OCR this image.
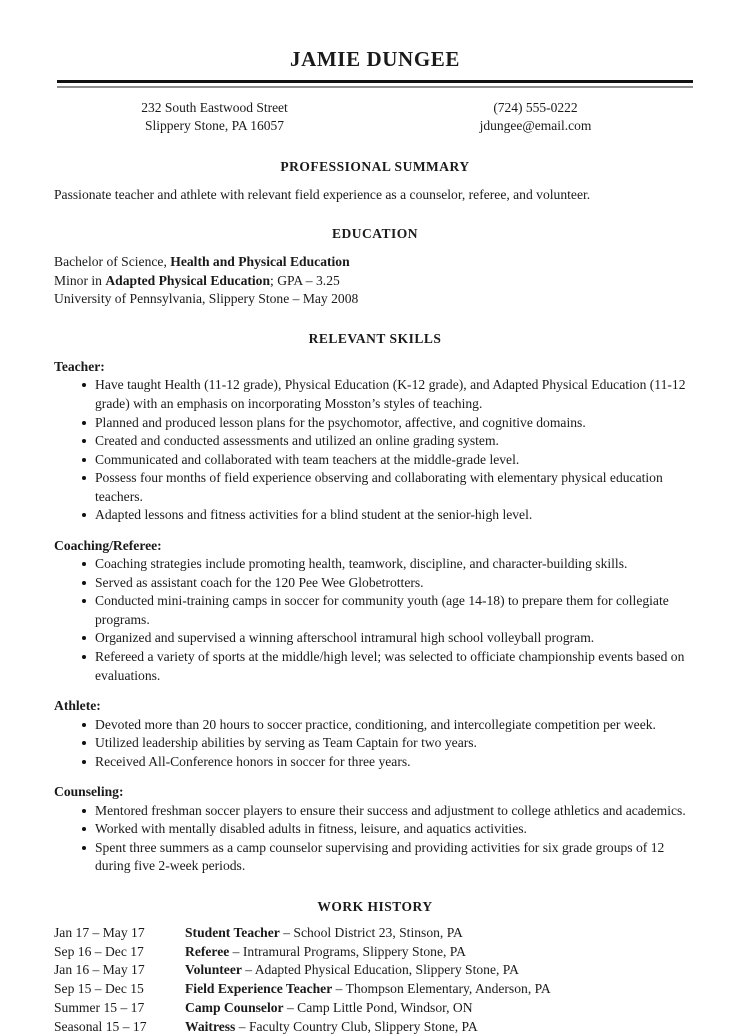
JAMIE DUNGEE
232 South Eastwood Street
Slippery Stone, PA 16057
(724) 555-0222
jdungee@email.com
PROFESSIONAL SUMMARY
Passionate teacher and athlete with relevant field experience as a counselor, referee, and volunteer.
EDUCATION
Bachelor of Science, Health and Physical Education
Minor in Adapted Physical Education; GPA – 3.25
University of Pennsylvania, Slippery Stone – May 2008
RELEVANT SKILLS
Teacher:
Have taught Health (11-12 grade), Physical Education (K-12 grade), and Adapted Physical Education (11-12 grade) with an emphasis on incorporating Mosston’s styles of teaching.
Planned and produced lesson plans for the psychomotor, affective, and cognitive domains.
Created and conducted assessments and utilized an online grading system.
Communicated and collaborated with team teachers at the middle-grade level.
Possess four months of field experience observing and collaborating with elementary physical education teachers.
Adapted lessons and fitness activities for a blind student at the senior-high level.
Coaching/Referee:
Coaching strategies include promoting health, teamwork, discipline, and character-building skills.
Served as assistant coach for the 120 Pee Wee Globetrotters.
Conducted mini-training camps in soccer for community youth (age 14-18) to prepare them for collegiate programs.
Organized and supervised a winning afterschool intramural high school volleyball program.
Refereed a variety of sports at the middle/high level; was selected to officiate championship events based on evaluations.
Athlete:
Devoted more than 20 hours to soccer practice, conditioning, and intercollegiate competition per week.
Utilized leadership abilities by serving as Team Captain for two years.
Received All-Conference honors in soccer for three years.
Counseling:
Mentored freshman soccer players to ensure their success and adjustment to college athletics and academics.
Worked with mentally disabled adults in fitness, leisure, and aquatics activities.
Spent three summers as a camp counselor supervising and providing activities for six grade groups of 12 during five 2-week periods.
WORK HISTORY
Jan 17 – May 17	Student Teacher – School District 23, Stinson, PA
Sep 16 – Dec 17	Referee – Intramural Programs, Slippery Stone, PA
Jan 16 – May 17	Volunteer – Adapted Physical Education, Slippery Stone, PA
Sep 15 – Dec 15	Field Experience Teacher – Thompson Elementary, Anderson, PA
Summer 15 – 17	Camp Counselor – Camp Little Pond, Windsor, ON
Seasonal 15 – 17	Waitress – Faculty Country Club, Slippery Stone, PA
